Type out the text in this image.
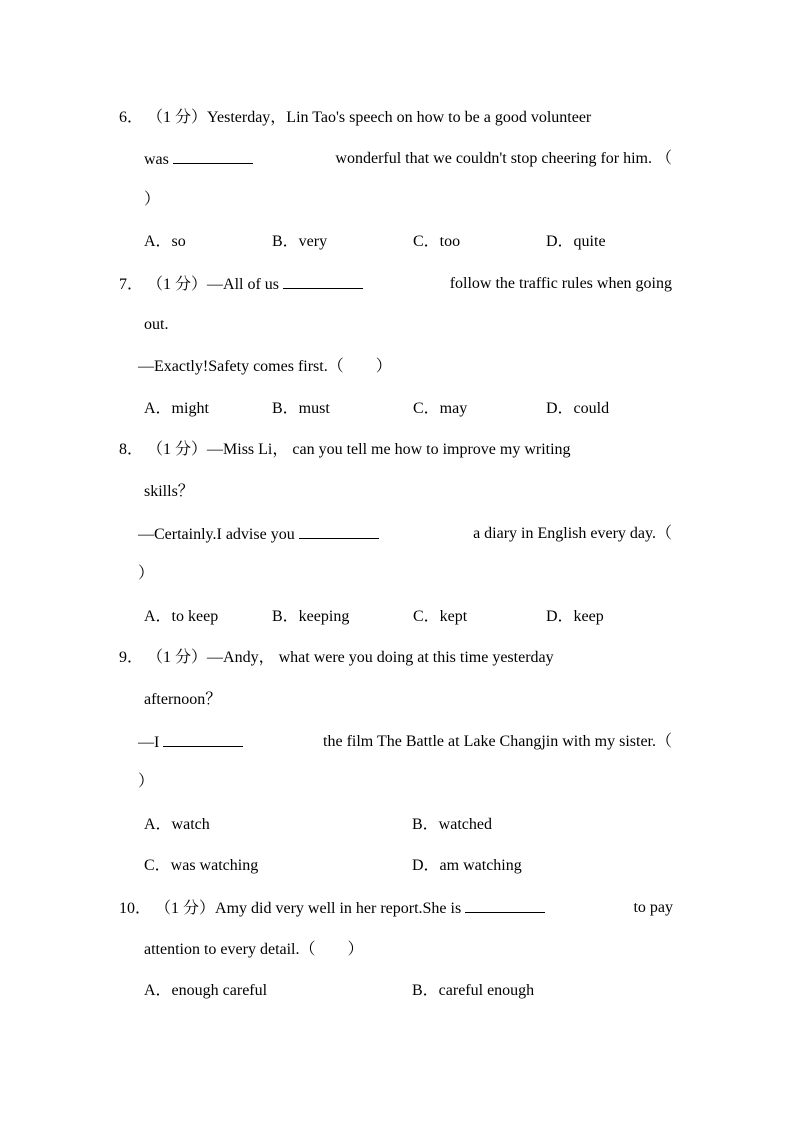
6． （1 分）Yesterday，Lin Tao's speech on how to be a good volunteer
was	wonderful that we couldn't stop cheering for him. （
）
A．so	B．very	C．too	D．quite
7． （1 分）—All of us	follow the traffic rules when going
out.
—Exactly!Safety comes first.（　　）
A．might	B．must	C．may	D．could
8． （1 分）—Miss Li， can you tell me how to improve my writing
skills？
—Certainly.I advise you	a diary in English every day.（
）
A．to keep	B．keeping	C．kept	D．keep
9． （1 分）—Andy， what were you doing at this time yesterday
afternoon？
—I	the film The Battle at Lake Changjin with my sister.（
）
A．watch	B．watched
C．was watching	D．am watching
10． （1 分）Amy did very well in her report.She is	to pay
attention to every detail.（　　）
A．enough careful	B．careful enough
